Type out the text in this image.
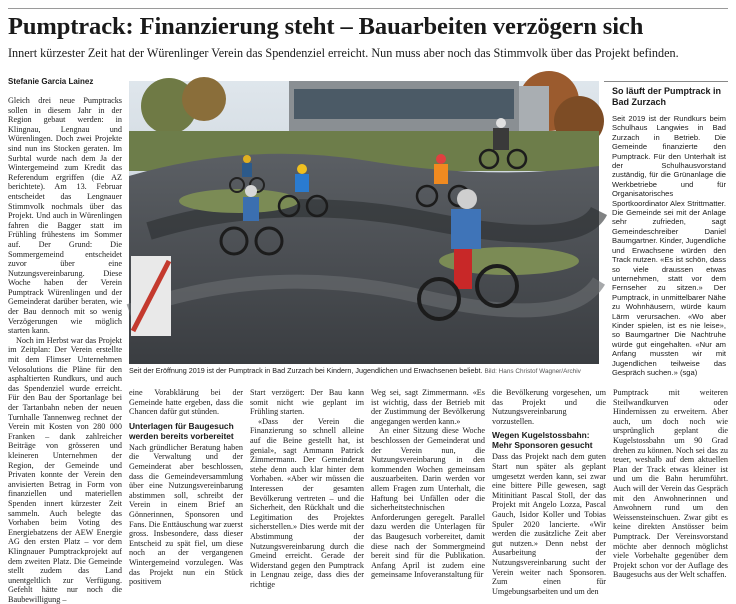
Pumptrack: Finanzierung steht – Bauarbeiten verzögern sich
Innert kürzester Zeit hat der Würenlinger Verein das Spendenziel erreicht. Nun muss aber noch das Stimmvolk über das Projekt befinden.
Stefanie Garcia Lainez

Gleich drei neue Pumptracks sollen in diesem Jahr in der Region gebaut werden: in Klingnau, Lengnau und Würenlingen. Doch zwei Projekte sind nun ins Stocken geraten. Im Surbtal wurde nach dem Ja der Wintergemeind zum Kredit das Referendum ergriffen (die AZ berichtete). Am 13. Februar entscheidet das Lengnauer Stimmvolk nochmals über das Projekt. Und auch in Würenlingen fahren die Bagger statt im Frühling frühestens im Sommer auf. Der Grund: Die Sommergemeind entscheidet zuvor über eine Nutzungsvereinbarung. Diese Woche haben der Verein Pumptrack Würenlingen und der Gemeinderat darüber beraten, wie der Bau dennoch mit so wenig Verzögerungen wie möglich starten kann.

Noch im Herbst war das Projekt im Zeitplan: Der Verein erstellte mit dem Flimser Unternehmen Velosolutions die Pläne für den asphaltierten Rundkurs, und auch das Spendenziel wurde erreicht. Für den Bau der Sportanlage bei der Tartanbahn neben der neuen Turnhalle Tannenweg rechnet der Verein mit Kosten von 280 000 Franken – dank zahlreicher Beiträge von grösseren und kleineren Unternehmen der Region, der Gemeinde und Privaten konnte der Verein den anvisierten Betrag in Form von finanziellen und materiellen Spenden innert kürzester Zeit sammeln. Auch belegte das Vorhaben beim Voting des Energiebatzens der AEW Energie AG den ersten Platz – vor dem Klingnauer Pumptrackprojekt auf dem zweiten Platz. Die Gemeinde stellt zudem das Land unentgeltlich zur Verfügung. Gefehlt hätte nur noch die Baubewilligung –

Seit der Eröffnung 2019 ist der Pumptrack in Bad Zurzach bei Kindern, Jugendlichen und Erwachsenen beliebt. Bild: Hans Christof Wagner/Archiv

eine Vorabklärung bei der Gemeinde hatte ergeben, dass die Chancen dafür gut stünden.

Unterlagen für Baugesuch werden bereits vorbereitet

Nach gründlicher Beratung haben die Verwaltung und der Gemeinderat aber beschlossen, dass die Gemeindeversammlung über eine Nutzungsvereinbarung abstimmen soll, schreibt der Verein in einem Brief an Gönnerinnen, Sponsoren und Fans. Die Enttäuschung war zuerst gross. Insbesondere, dass dieser Entscheid zu spät fiel, um diese noch an der vergangenen Wintergemeind vorzulegen. Was das Projekt nun ein Stück positivem

Start verzögert: Der Bau kann somit nicht wie geplant im Frühling starten.

«Dass der Verein die Finanzierung so schnell alleine auf die Beine gestellt hat, ist genial», sagt Ammann Patrick Zimmermann. Der Gemeinderat stehe denn auch klar hinter dem Vorhaben. «Aber wir müssen die Interessen der gesamten Bevölkerung vertreten – und die Sicherheit, den Rückhalt und die Legitimation des Projektes sicherstellen.» Dies werde mit der Abstimmung der Nutzungsvereinbarung durch die Gmeind erreicht. Gerade der Widerstand gegen den Pumptrack in Lengnau zeige, dass dies der richtige

Weg sei, sagt Zimmermann. «Es ist wichtig, dass der Betrieb mit der Zustimmung der Bevölkerung angegangen werden kann.»

An einer Sitzung diese Woche beschlossen der Gemeinderat und der Verein nun, die Nutzungsvereinbarung in den kommenden Wochen gemeinsam auszuarbeiten. Darin werden vor allem Fragen zum Unterhalt, die Haftung bei Unfällen oder die sicherheitstechnischen Anforderungen geregelt. Parallel dazu werden die Unterlagen für das Baugesuch vorbereitet, damit diese nach der Sommergmeind bereit sind für die Publikation. Anfang April ist zudem eine gemeinsame Infoveranstaltung für

die Bevölkerung vorgesehen, um das Projekt und die Nutzungsvereinbarung vorzustellen.

Wegen Kugelstossbahn: Mehr Sponsoren gesucht

Dass das Projekt nach dem guten Start nun später als geplant umgesetzt werden kann, sei zwar eine bittere Pille gewesen, sagt Mitinitiant Pascal Stoll, der das Projekt mit Angelo Lozza, Pascal Gauch, Isidor Koller und Tobias Spuler 2020 lancierte. «Wir werden die zusätzliche Zeit aber gut nutzen.» Denn nebst der Ausarbeitung der Nutzungsvereinbarung sucht der Verein weiter nach Sponsoren. Zum einen für Umgebungsarbeiten und um den

Pumptrack mit weiteren Steilwandkurven oder Hindernissen zu erweitern. Aber auch, um doch noch wie ursprünglich geplant die Kugelstossbahn um 90 Grad drehen zu können. Noch sei das zu teuer, weshalb auf dem aktuellen Plan der Track etwas kleiner ist und um die Bahn herumführt. Auch will der Verein das Gespräch mit den Anwohnerinnen und Anwohnern rund um den Weissensteinschuen. Zwar gibt es keine direkten Anstösser beim Pumptrack. Der Vereinsvorstand möchte aber dennoch möglichst viele Vorbehalte gegenüber dem Projekt schon vor der Auflage des Baugesuchs aus der Welt schaffen.

So läuft der Pumptrack in Bad Zurzach

Seit 2019 ist der Rundkurs beim Schulhaus Langwies in Bad Zurzach in Betrieb. Die Gemeinde finanzierte den Pumptrack. Für den Unterhalt ist der Schulhausvorstand zuständig, für die Grünanlage die Werkbetriebe und für Organisatorisches Sportkoordinator Alex Strittmatter. Die Gemeinde sei mit der Anlage sehr zufrieden, sagt Gemeindeschreiber Daniel Baumgartner. Kinder, Jugendliche und Erwachsene würden den Track nutzen. «Es ist schön, dass so viele draussen etwas unternehmen, statt vor dem Fernseher zu sitzen.» Der Pumptrack, in unmittelbarer Nähe zu Wohnhäusern, würde kaum Lärm verursachen. «Wo aber Kinder spielen, ist es nie leise», so Baumgartner Die Nachtruhe würde gut eingehalten. «Nur am Anfang mussten wir mit Jugendlichen teilweise das Gespräch suchen.» (sga)
